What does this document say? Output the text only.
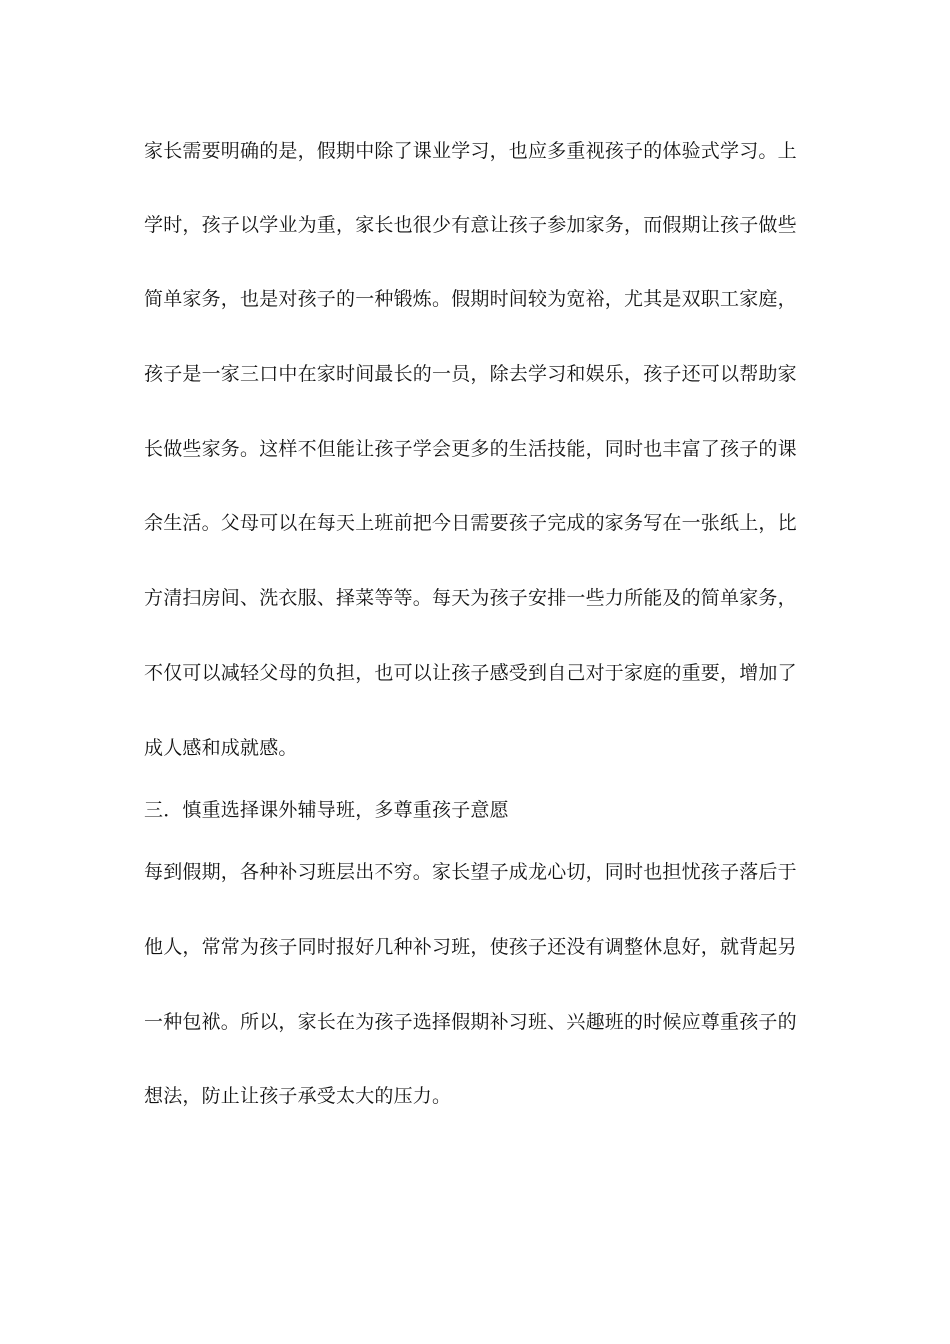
家长需要明确的是，假期中除了课业学习，也应多重视孩子的体验式学习。上
学时，孩子以学业为重，家长也很少有意让孩子参加家务，而假期让孩子做些
简单家务，也是对孩子的一种锻炼。假期时间较为宽裕，尤其是双职工家庭，
孩子是一家三口中在家时间最长的一员，除去学习和娱乐，孩子还可以帮助家
长做些家务。这样不但能让孩子学会更多的生活技能，同时也丰富了孩子的课
余生活。父母可以在每天上班前把今日需要孩子完成的家务写在一张纸上，比
方清扫房间、洗衣服、择菜等等。每天为孩子安排一些力所能及的简单家务，
不仅可以减轻父母的负担，也可以让孩子感受到自己对于家庭的重要，增加了
成人感和成就感。
三．慎重选择课外辅导班，多尊重孩子意愿
每到假期，各种补习班层出不穷。家长望子成龙心切，同时也担忧孩子落后于
他人，常常为孩子同时报好几种补习班，使孩子还没有调整休息好，就背起另
一种包袱。所以，家长在为孩子选择假期补习班、兴趣班的时候应尊重孩子的
想法，防止让孩子承受太大的压力。
